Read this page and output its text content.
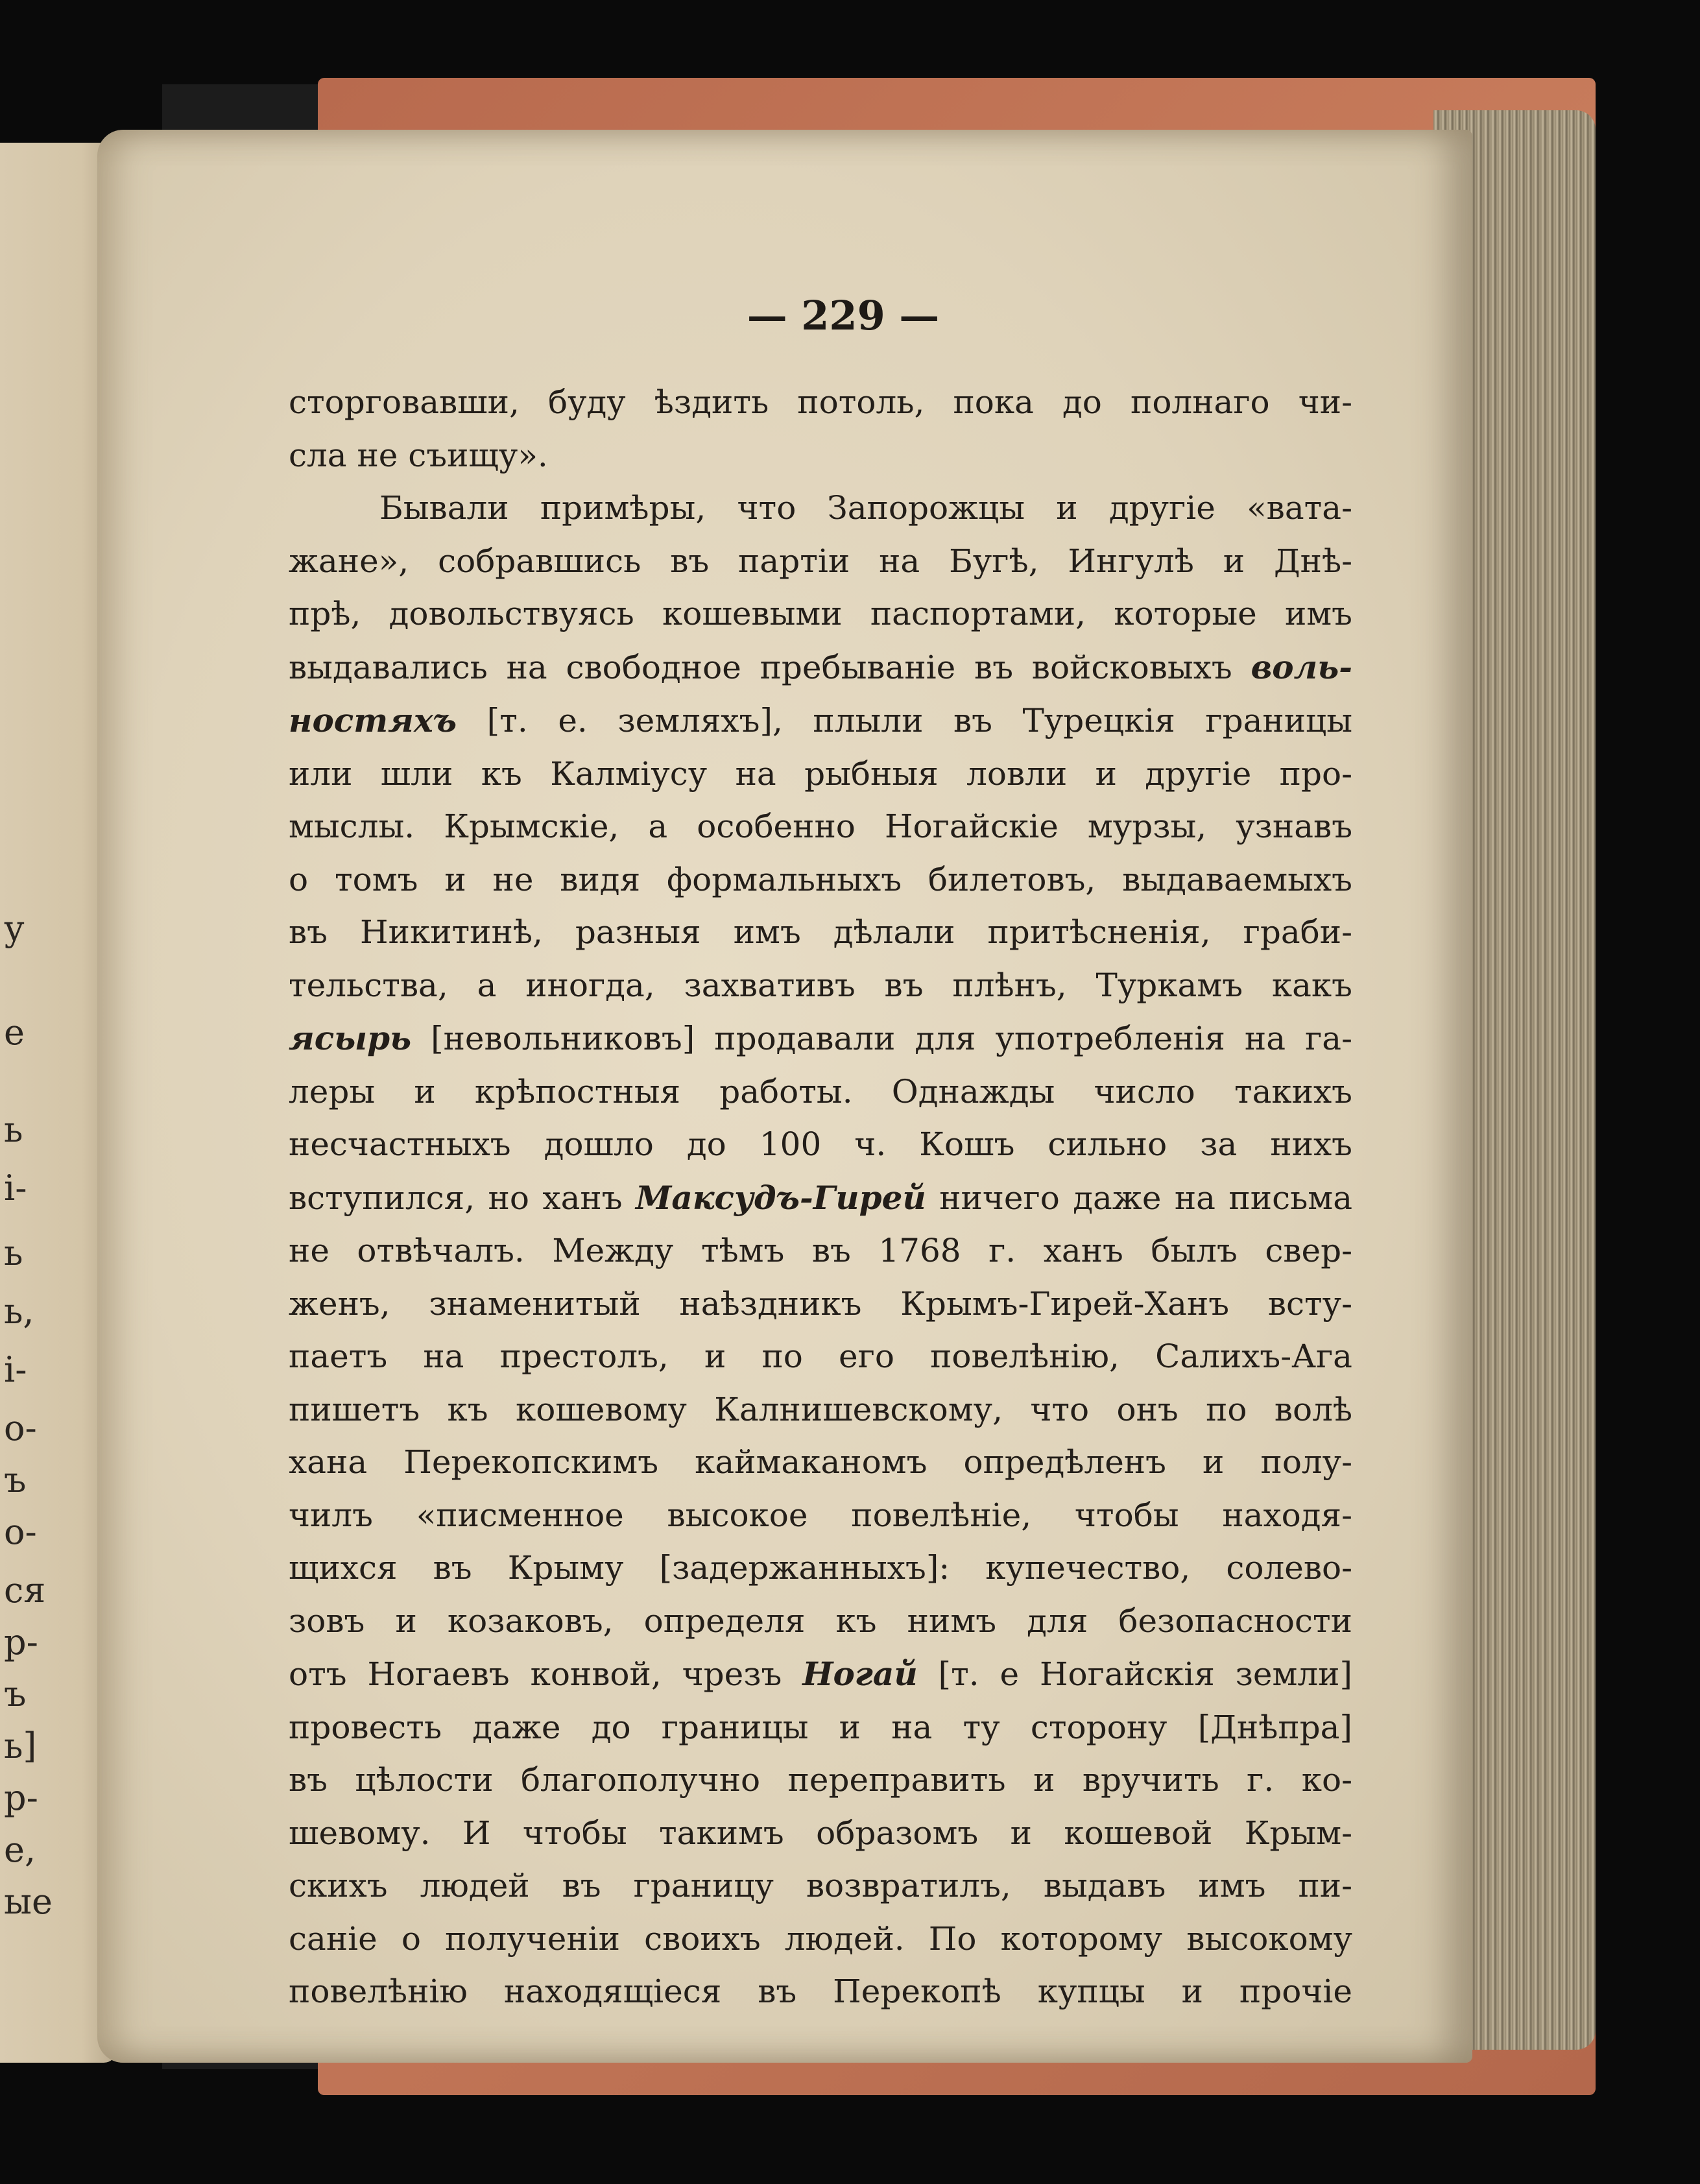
у
е
ь
і-
ь
ь,
і-
о-
ъ
о-
ся
р-
ъ
ь]
р-
е,
ые
— 229 —
сторговавши, буду ѣздить потоль, пока до полнаго чи-
сла не съищу».
Бывали примѣры, что Запорожцы и другіе «вата-
жане», собравшись въ партіи на Бугѣ, Ингулѣ и Днѣ-
прѣ, довольствуясь кошевыми паспортами, которые имъ
выдавались на свободное пребываніе въ войсковыхъ воль-
ностяхъ [т. е. земляхъ], плыли въ Турецкія границы
или шли къ Калміусу на рыбныя ловли и другіе про-
мыслы. Крымскіе, а особенно Ногайскіе мурзы, узнавъ
о томъ и не видя формальныхъ билетовъ, выдаваемыхъ
въ Никитинѣ, разныя имъ дѣлали притѣсненія, граби-
тельства, а иногда, захвативъ въ плѣнъ, Туркамъ какъ
ясырь [невольниковъ] продавали для употребленія на га-
леры и крѣпостныя работы. Однажды число такихъ
несчастныхъ дошло до 100 ч. Кошъ сильно за нихъ
вступился, но ханъ Максудъ-Гирей ничего даже на письма
не отвѣчалъ. Между тѣмъ въ 1768 г. ханъ былъ свер-
женъ, знаменитый наѣздникъ Крымъ-Гирей-Ханъ всту-
паетъ на престолъ, и по его повелѣнію, Салихъ-Ага
пишетъ къ кошевому Калнишевскому, что онъ по волѣ
хана Перекопскимъ каймаканомъ опредѣленъ и полу-
чилъ «писменное высокое повелѣніе, чтобы находя-
щихся въ Крыму [задержанныхъ]: купечество, солево-
зовъ и козаковъ, определя къ нимъ для безопасности
отъ Ногаевъ конвой, чрезъ Ногай [т. е Ногайскія земли]
провесть даже до границы и на ту сторону [Днѣпра]
въ цѣлости благополучно переправить и вручить г. ко-
шевому. И чтобы такимъ образомъ и кошевой Крым-
скихъ людей въ границу возвратилъ, выдавъ имъ пи-
саніе о полученіи своихъ людей. По которому высокому
повелѣнію находящіеся въ Перекопѣ купцы и прочіе
